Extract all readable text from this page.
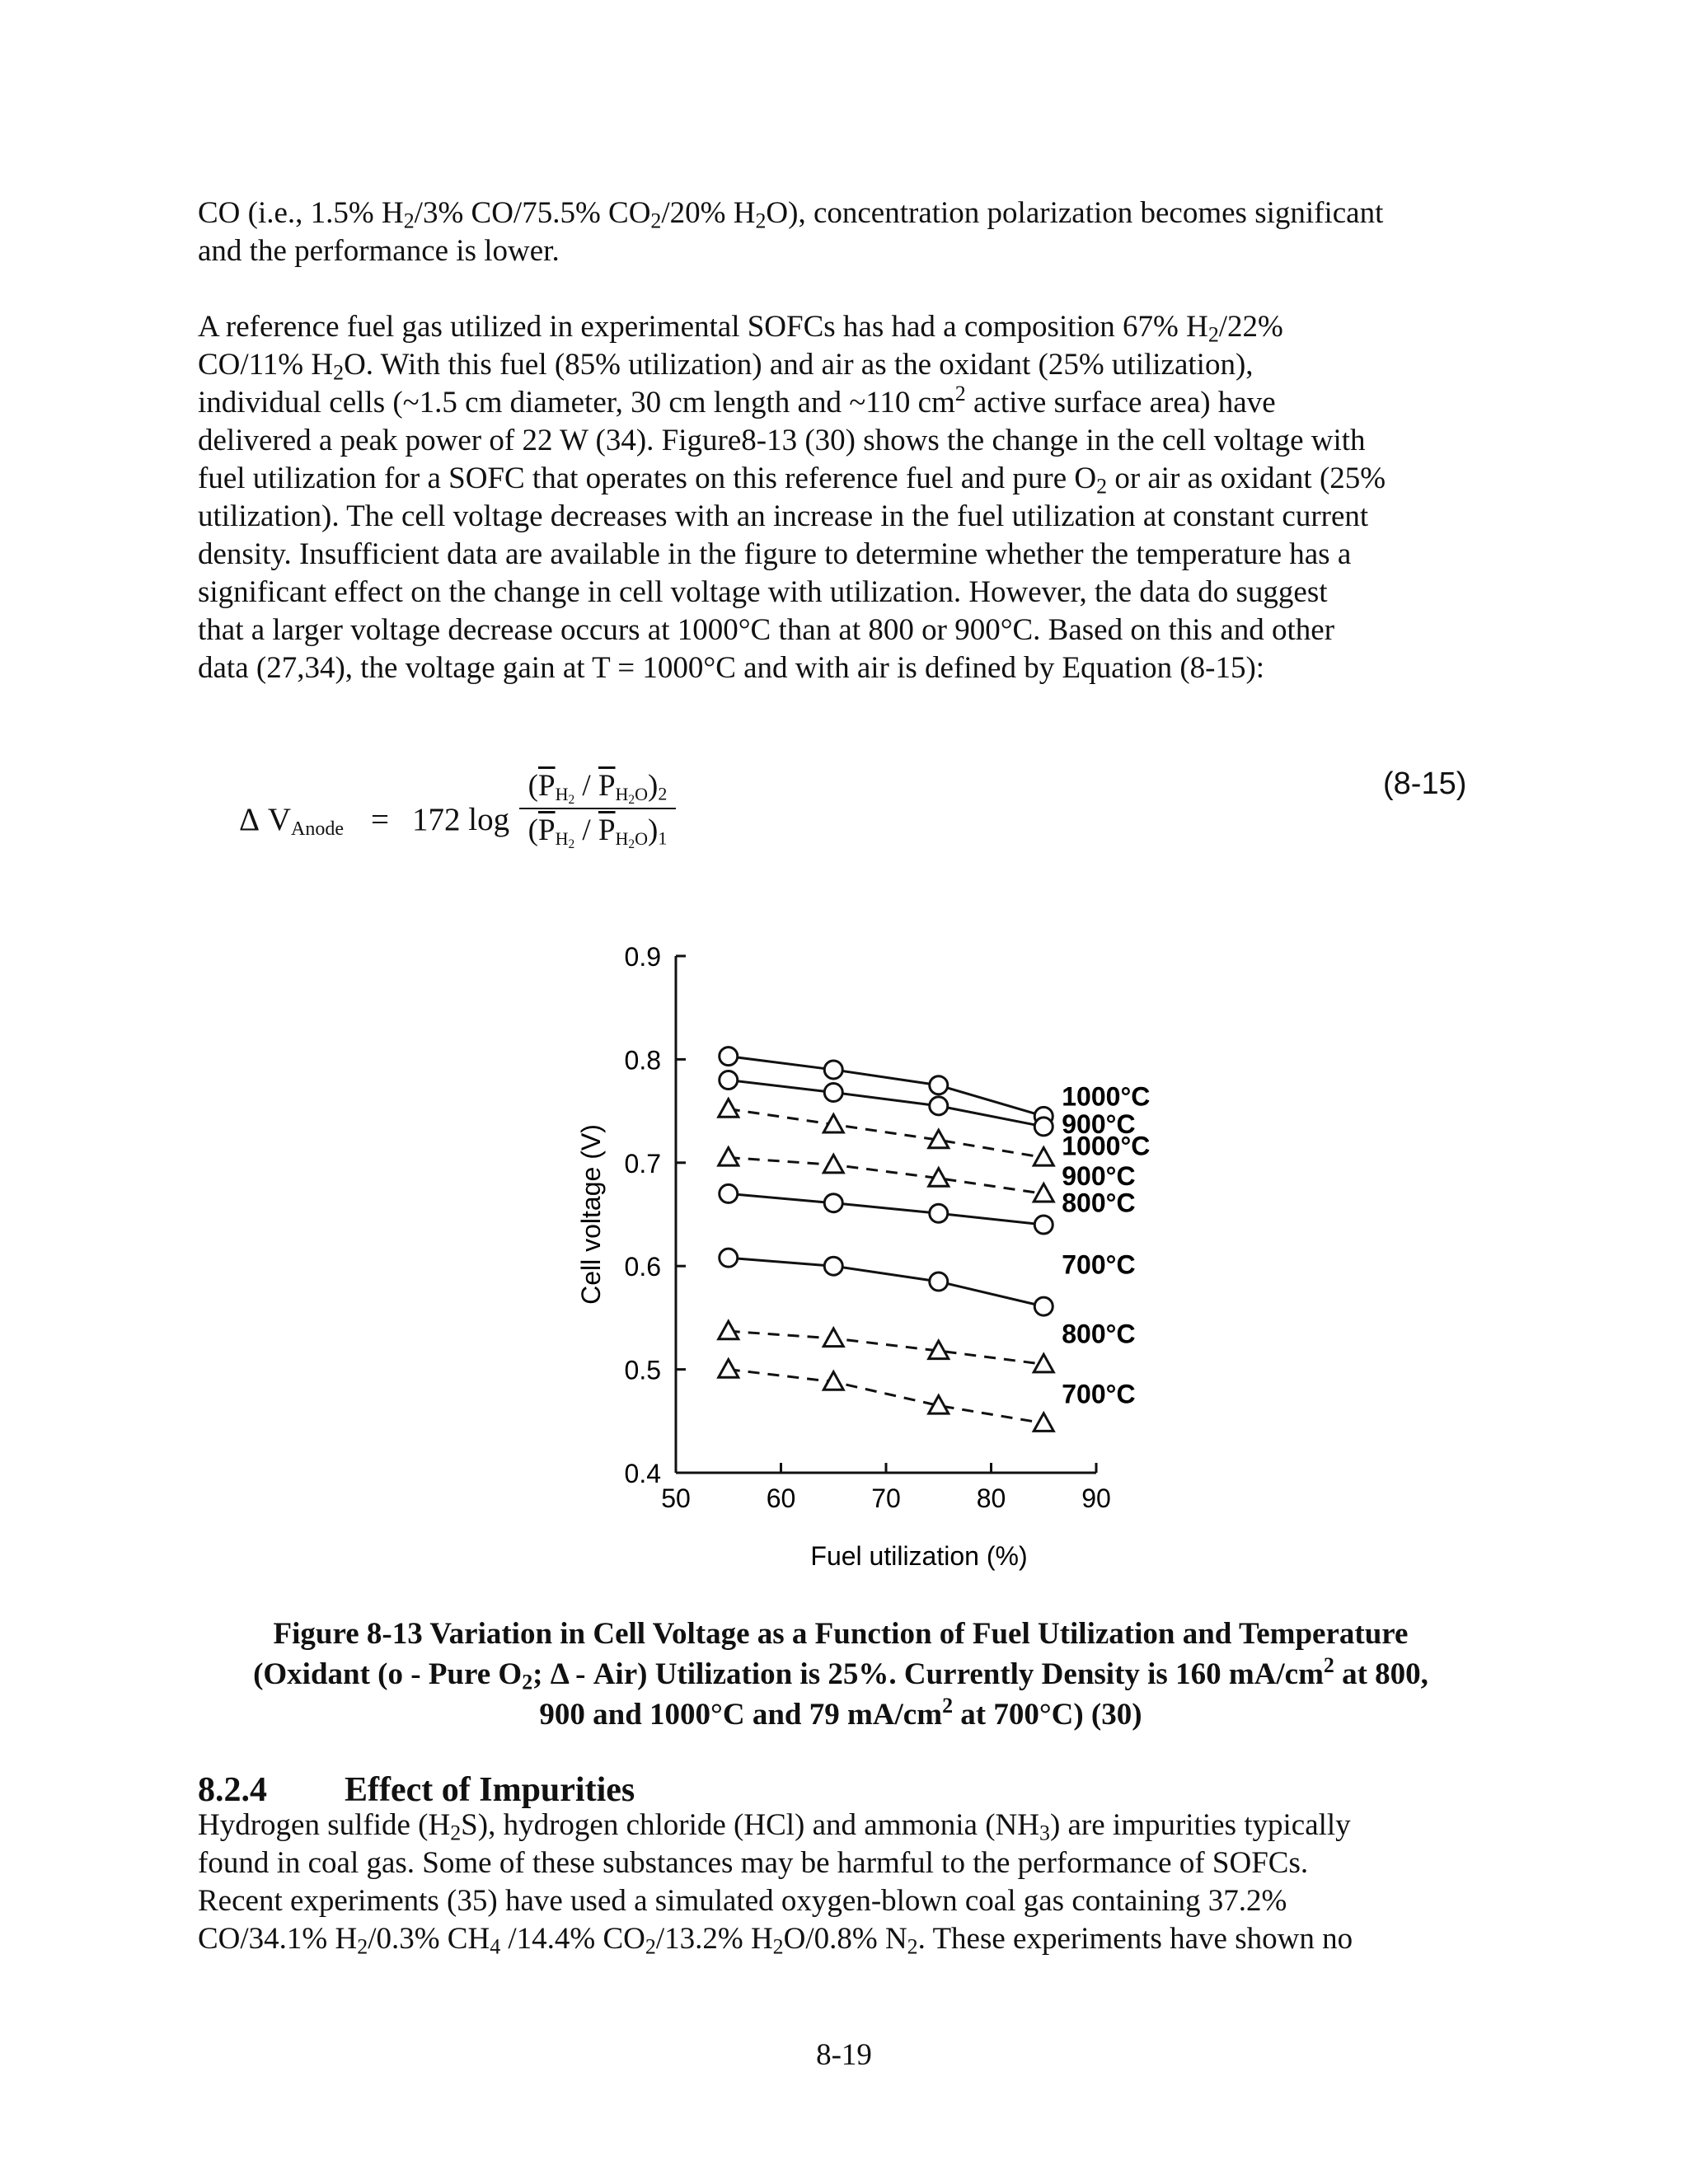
CO (i.e., 1.5% $H_2/3\%$ CO/75.5% $CO_2/20\%$ $H_2O$), concentration polarization becomes significant
and the performance is lower.

A reference fuel gas utilized in experimental SOFCs has had a composition 67% $H_2/22\%$
CO/11% $H_2O$. With this fuel (85% utilization) and air as the oxidant (25% utilization),
individual cells (~1.5 cm diameter, 30 cm length and ~110 $cm^2$ active surface area) have
delivered a peak power of 22 W (34). Figure8-13 (30) shows the change in the cell voltage with
fuel utilization for a SOFC that operates on this reference fuel and pure $O_2$ or air as oxidant (25%
utilization). The cell voltage decreases with an increase in the fuel utilization at constant current
density. Insufficient data are available in the figure to determine whether the temperature has a
significant effect on the change in cell voltage with utilization. However, the data do suggest
that a larger voltage decrease occurs at 1000°C than at 800 or 900°C. Based on this and other
data (27,34), the voltage gain at T = 1000°C and with air is defined by Equation (8-15):

Δ $V_{Anode} = 172$ log
$(\overline{P}_{H_2} / \overline{P}_{H_2O})_2$
$(\overline{P}_{H_2} / \overline{P}_{H_2O})_1$
(8-15)
0.4
0.5
0.6
0.7
0.8
0.9
50	60	70	80	90
Fuel utilization (%)
Cell voltage (V)
1000°C
900°C
1000°C
900°C
800°C
700°C
800°C
700°C
Figure 8-13 Variation in Cell Voltage as a Function of Fuel Utilization and Temperature
(Oxidant (o - Pure $O_2$; Δ - Air) Utilization is 25%. Currently Density is 160 $mA/cm^2$ at 800,
900 and 1000°C and 79 $mA/cm^2$ at 700°C) (30)
8.2.4 Effect of Impurities

Hydrogen sulfide $(H_2S)$, hydrogen chloride (HCl) and ammonia $(NH_3)$ are impurities typically
found in coal gas. Some of these substances may be harmful to the performance of SOFCs.
Recent experiments (35) have used a simulated oxygen-blown coal gas containing 37.2%
CO/34.1% $H_2/0.3\%$ $CH_4$ /14.4% $CO_2/13.2\%$ $H_2O/0.8\%$ $N_2$. These experiments have shown no

8-19
